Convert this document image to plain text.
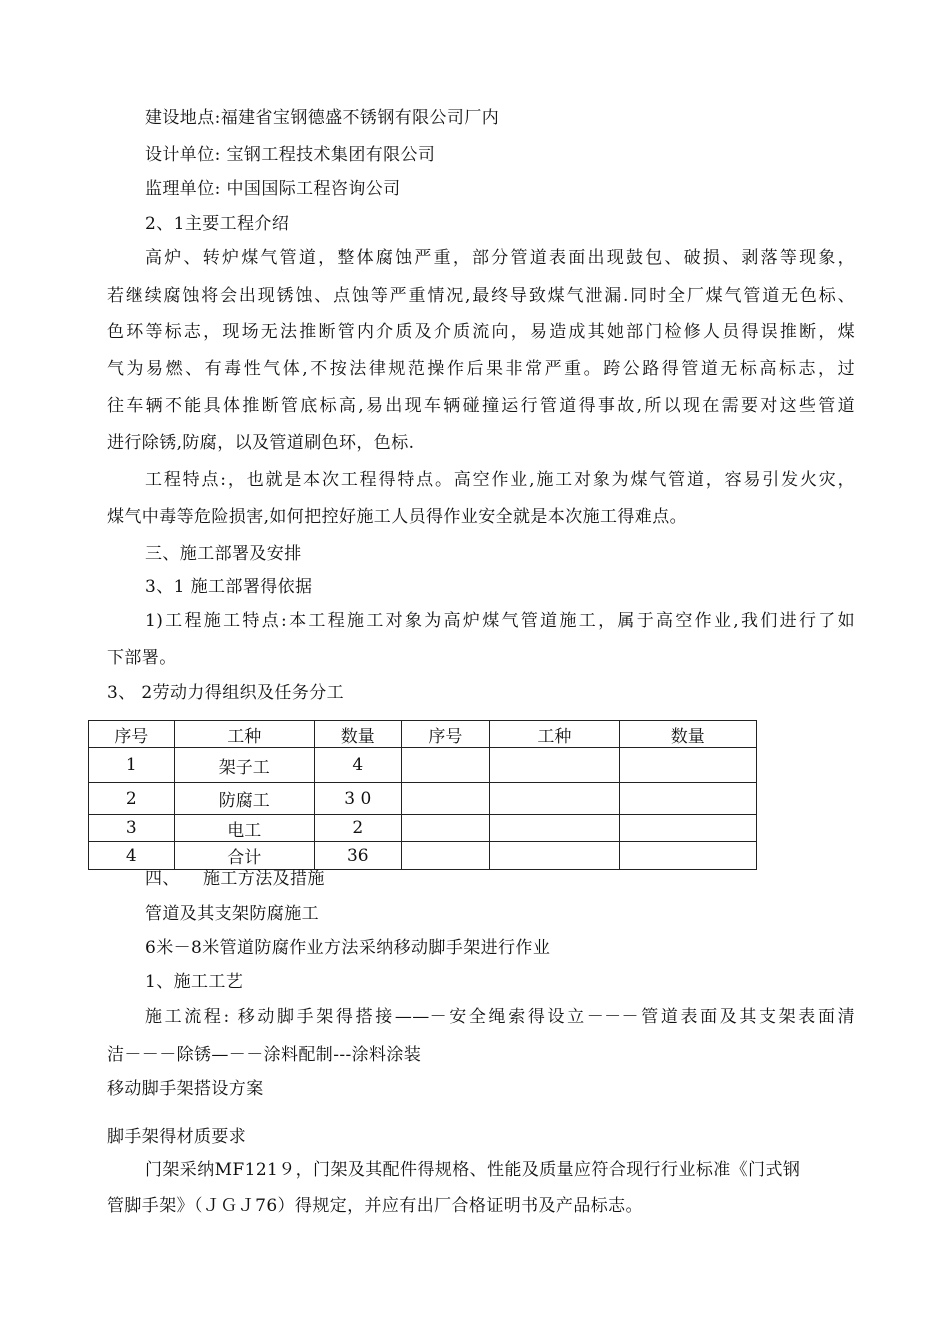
建设地点:福建省宝钢德盛不锈钢有限公司厂内
设计单位: 宝钢工程技术集团有限公司
监理单位: 中国国际工程咨询公司
2、1主要工程介绍
高炉、转炉煤气管道，整体腐蚀严重，部分管道表面出现鼓包、破损、剥落等现象，
若继续腐蚀将会出现锈蚀、点蚀等严重情况,最终导致煤气泄漏.同时全厂煤气管道无色标、
色环等标志，现场无法推断管内介质及介质流向，易造成其她部门检修人员得误推断，煤
气为易燃、有毒性气体,不按法律规范操作后果非常严重。跨公路得管道无标高标志，过
往车辆不能具体推断管底标高,易出现车辆碰撞运行管道得事故,所以现在需要对这些管道
进行除锈,防腐，以及管道刷色环，色标.
工程特点:，也就是本次工程得特点。高空作业,施工对象为煤气管道，容易引发火灾，
煤气中毒等危险损害,如何把控好施工人员得作业安全就是本次施工得难点。
三、施工部署及安排
3、1 施工部署得依据
1)工程施工特点:本工程施工对象为高炉煤气管道施工，属于高空作业,我们进行了如
下部署。
3、 2劳动力得组织及任务分工
序号	工种	数量	序号	工种	数量
1	架子工	4			
2	防腐工	3 0			
3	电工	2			
4	合计	36			
四、    施工方法及措施
管道及其支架防腐施工
6米－8米管道防腐作业方法采纳移动脚手架进行作业
1、施工工艺
施工流程: 移动脚手架得搭接——－安全绳索得设立－－－管道表面及其支架表面清
洁－－－除锈—－－涂料配制---涂料涂装
移动脚手架搭设方案
脚手架得材质要求
门架采纳MF121９，门架及其配件得规格、性能及质量应符合现行行业标准《门式钢
管脚手架》（ＪＧＪ76）得规定，并应有出厂合格证明书及产品标志。
